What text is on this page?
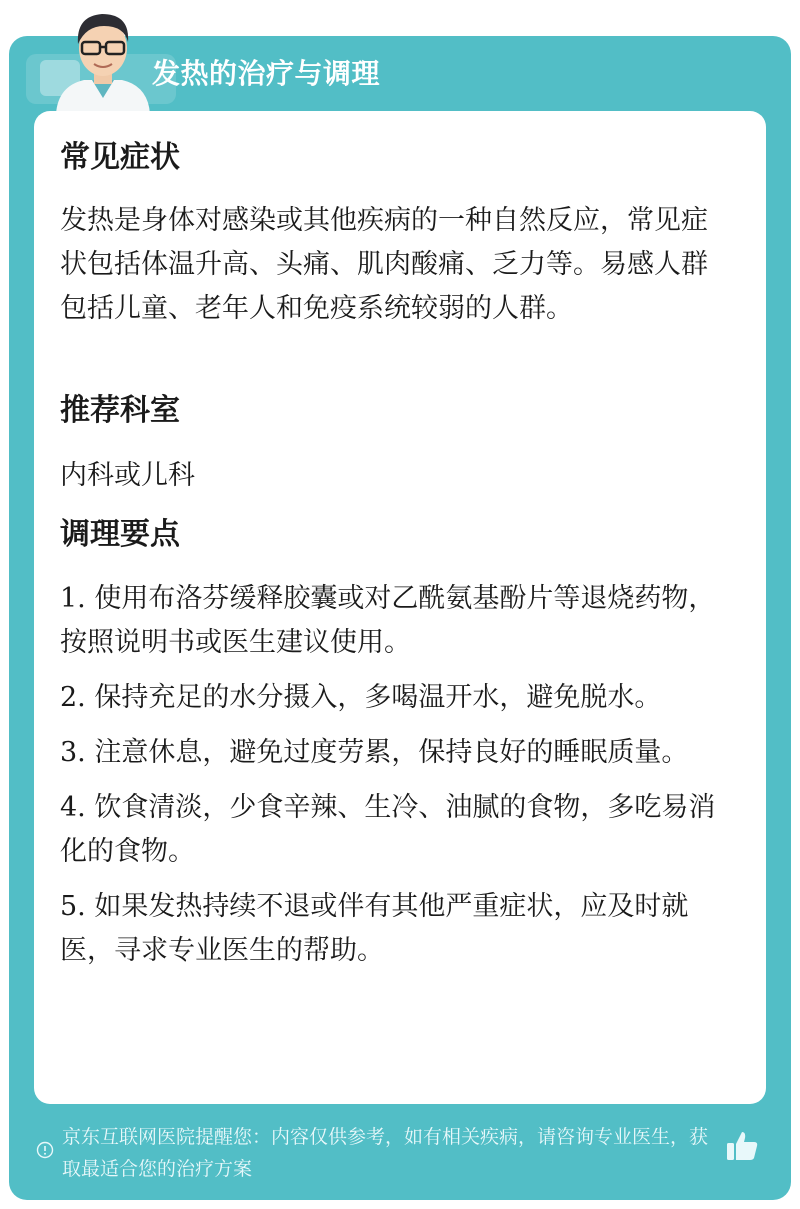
发热的治疗与调理
常见症状

发热是身体对感染或其他疾病的一种自然反应，常见症状包括体温升高、头痛、肌肉酸痛、乏力等。易感人群包括儿童、老年人和免疫系统较弱的人群。

推荐科室

内科或儿科

调理要点
1. 使用布洛芬缓释胶囊或对乙酰氨基酚片等退烧药物，按照说明书或医生建议使用。
2. 保持充足的水分摄入，多喝温开水，避免脱水。
3. 注意休息，避免过度劳累，保持良好的睡眠质量。
4. 饮食清淡，少食辛辣、生冷、油腻的食物，多吃易消化的食物。
5. 如果发热持续不退或伴有其他严重症状，应及时就医，寻求专业医生的帮助。
京东互联网医院提醒您：内容仅供参考，如有相关疾病，请咨询专业医生，获取最适合您的治疗方案
